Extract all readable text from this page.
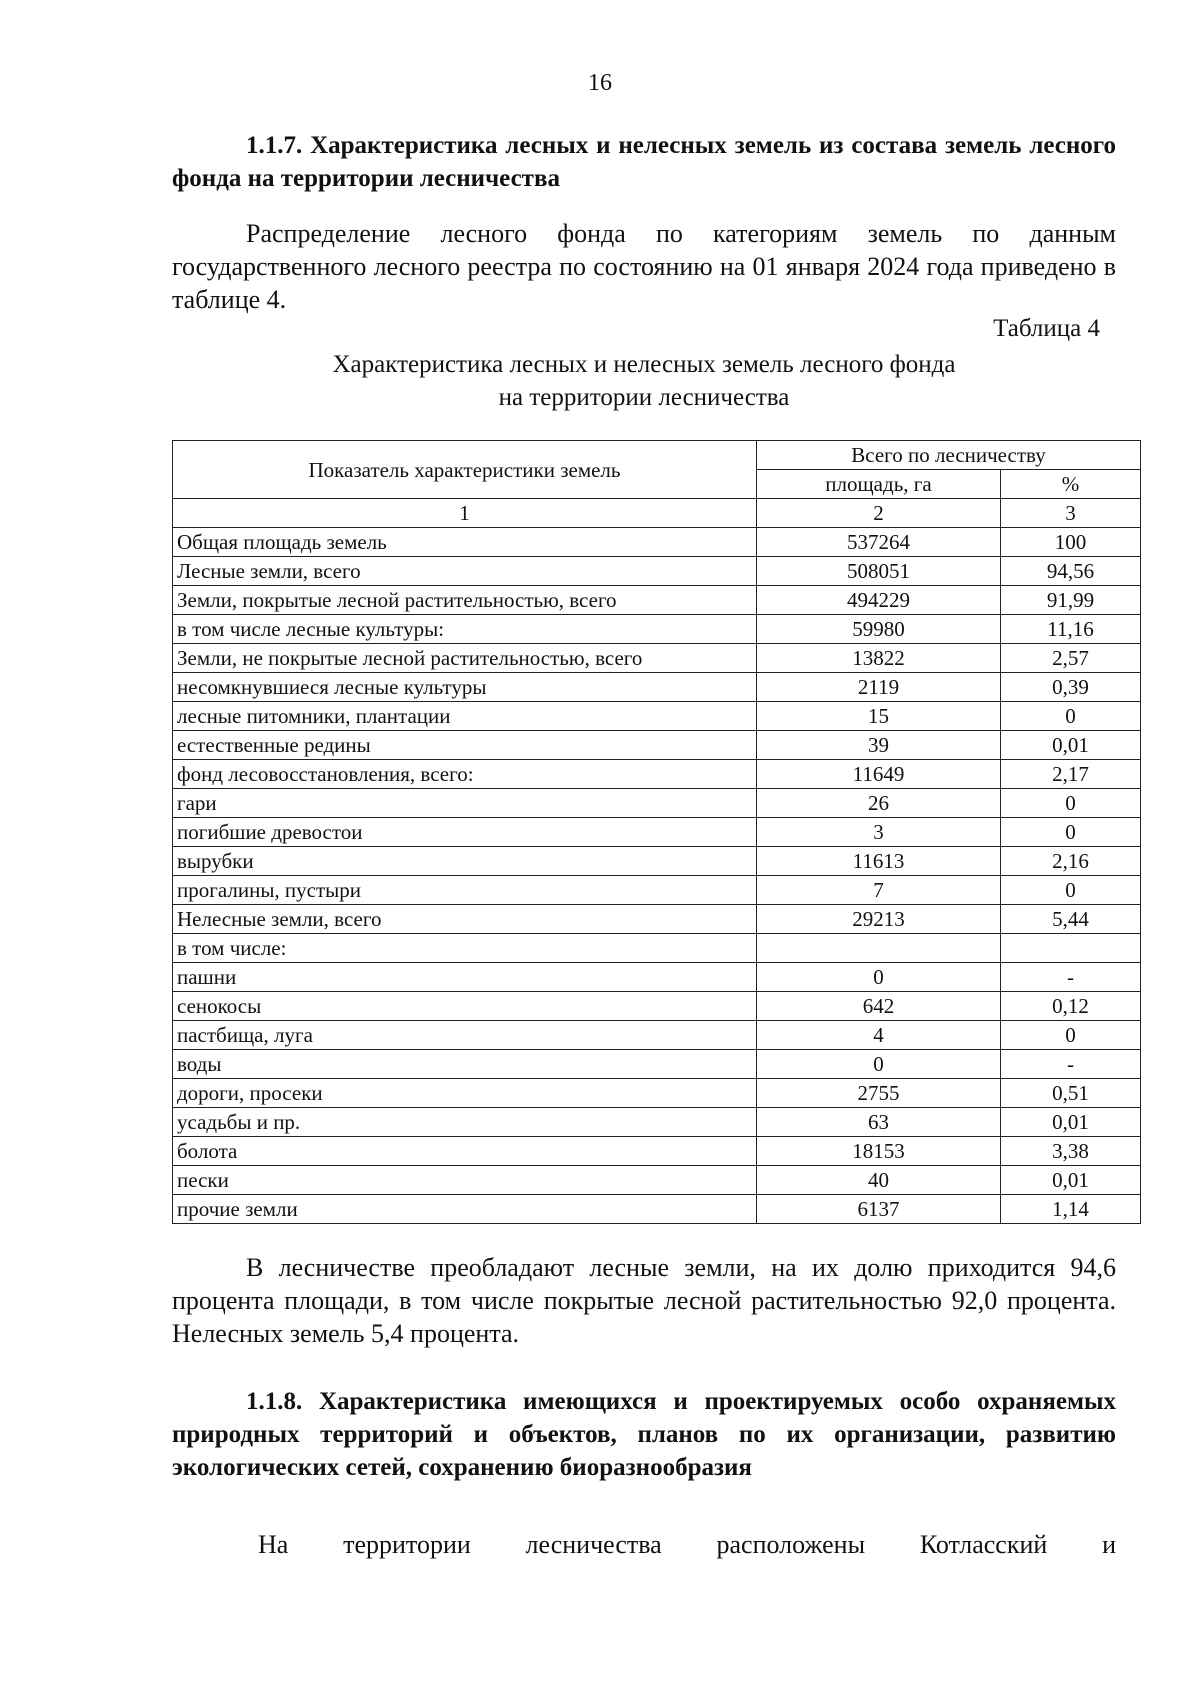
16
1.1.7. Характеристика лесных и нелесных земель из состава земель лесного фонда на территории лесничества
Распределение лесного фонда по категориям земель по данным государственного лесного реестра по состоянию на 01 января 2024 года приведено в таблице 4.
Таблица 4
Характеристика лесных и нелесных земель лесного фонда
на территории лесничества
Показатель характеристики земель	Всего по лесничеству	
	площадь, га	%
1	2	3
Общая площадь земель	537264	100
Лесные земли, всего	508051	94,56
Земли, покрытые лесной растительностью, всего	494229	91,99
в том числе лесные культуры:	59980	11,16
Земли, не покрытые лесной растительностью, всего	13822	2,57
несомкнувшиеся лесные культуры	2119	0,39
лесные питомники, плантации	15	0
естественные редины	39	0,01
фонд лесовосстановления, всего:	11649	2,17
гари	26	0
погибшие древостои	3	0
вырубки	11613	2,16
прогалины, пустыри	7	0
Нелесные земли, всего	29213	5,44
в том числе:		
пашни	0	-
сенокосы	642	0,12
пастбища, луга	4	0
воды	0	-
дороги, просеки	2755	0,51
усадьбы и пр.	63	0,01
болота	18153	3,38
пески	40	0,01
прочие земли	6137	1,14
В лесничестве преобладают лесные земли, на их долю приходится 94,6 процента площади, в том числе покрытые лесной растительностью 92,0 процента. Нелесных земель 5,4 процента.
1.1.8. Характеристика имеющихся и проектируемых особо охраняемых природных территорий и объектов, планов по их организации, развитию экологических сетей, сохранению биоразнообразия
На территории лесничества расположены Котласский и
